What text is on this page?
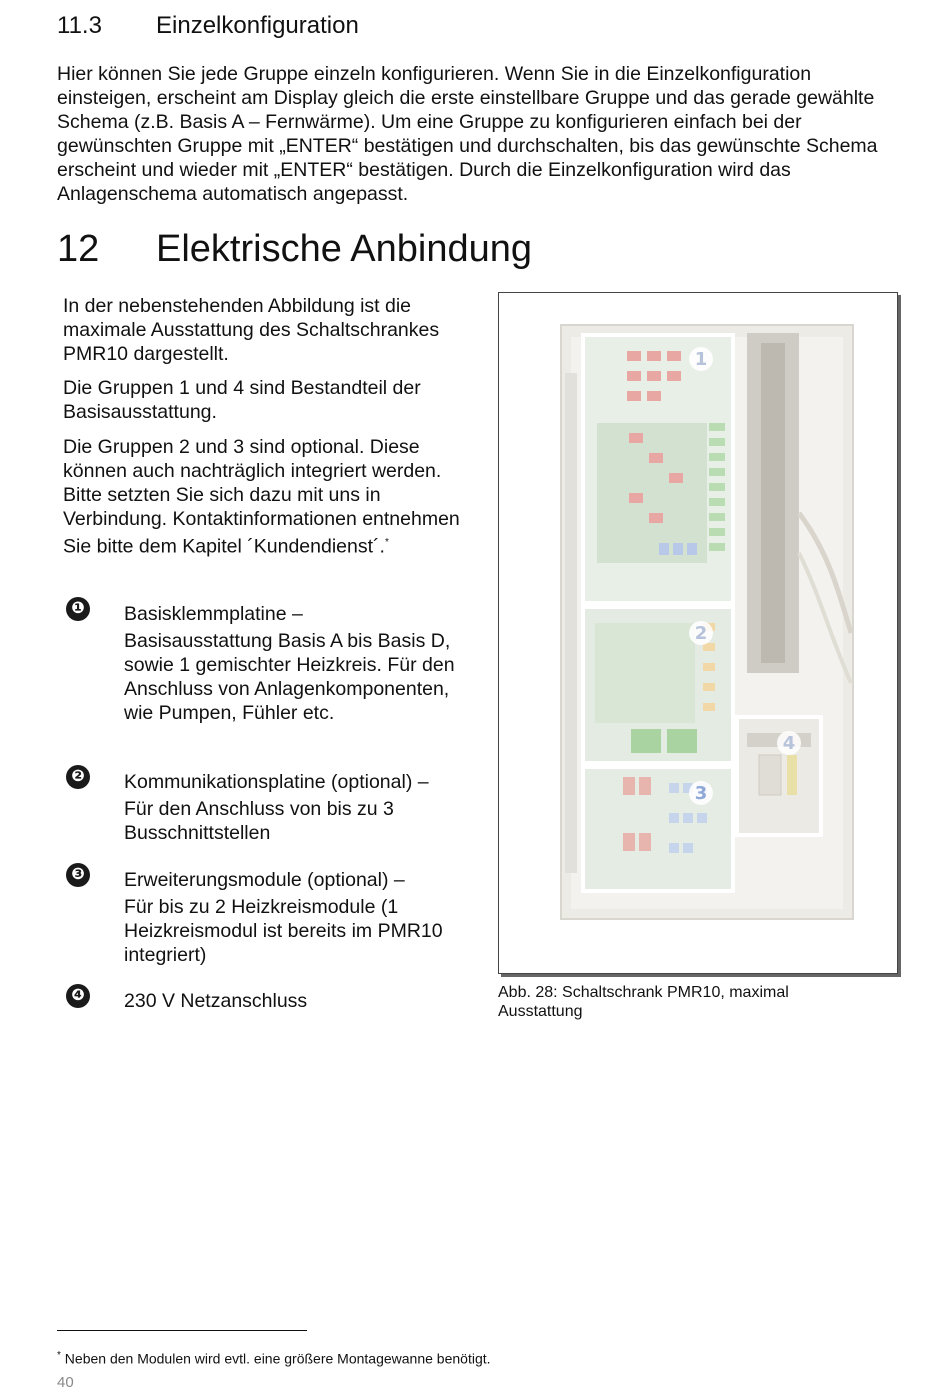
11.3 Einzelkonfiguration
Hier können Sie jede Gruppe einzeln konfigurieren. Wenn Sie in die Einzelkonfiguration einsteigen, erscheint am Display gleich die erste einstellbare Gruppe und das gerade gewählte Schema (z.B. Basis A – Fernwärme). Um eine Gruppe zu konfigurieren einfach bei der gewünschten Gruppe mit „ENTER“ bestätigen und durchschalten, bis das gewünschte Schema erscheint und wieder mit „ENTER“ bestätigen. Durch die Einzelkonfiguration wird das Anlagenschema automatisch angepasst.
12 Elektrische Anbindung

In der nebenstehenden Abbildung ist die maximale Ausstattung des Schaltschrankes PMR10 dargestellt.

Die Gruppen 1 und 4 sind Bestandteil der Basisausstattung.

Die Gruppen 2 und 3 sind optional. Diese können auch nachträglich integriert werden. Bitte setzten Sie sich dazu mit uns in Verbindung. Kontaktinformationen entnehmen Sie bitte dem Kapitel ´Kundendienst´.*
❶ Basisklemmplatine –
Basisausstattung Basis A bis Basis D, sowie 1 gemischter Heizkreis. Für den Anschluss von Anlagenkomponenten, wie Pumpen, Fühler etc.
❷ Kommunikationsplatine (optional) –
Für den Anschluss von bis zu 3 Busschnittstellen
❸ Erweiterungsmodule (optional) –
Für bis zu 2 Heizkreismodule (1 Heizkreismodul ist bereits im PMR10 integriert)
❹ 230 V Netzanschluss
1
2
3
4
Abb. 28: Schaltschrank PMR10, maximal Ausstattung
* Neben den Modulen wird evtl. eine größere Montagewanne benötigt.
40
